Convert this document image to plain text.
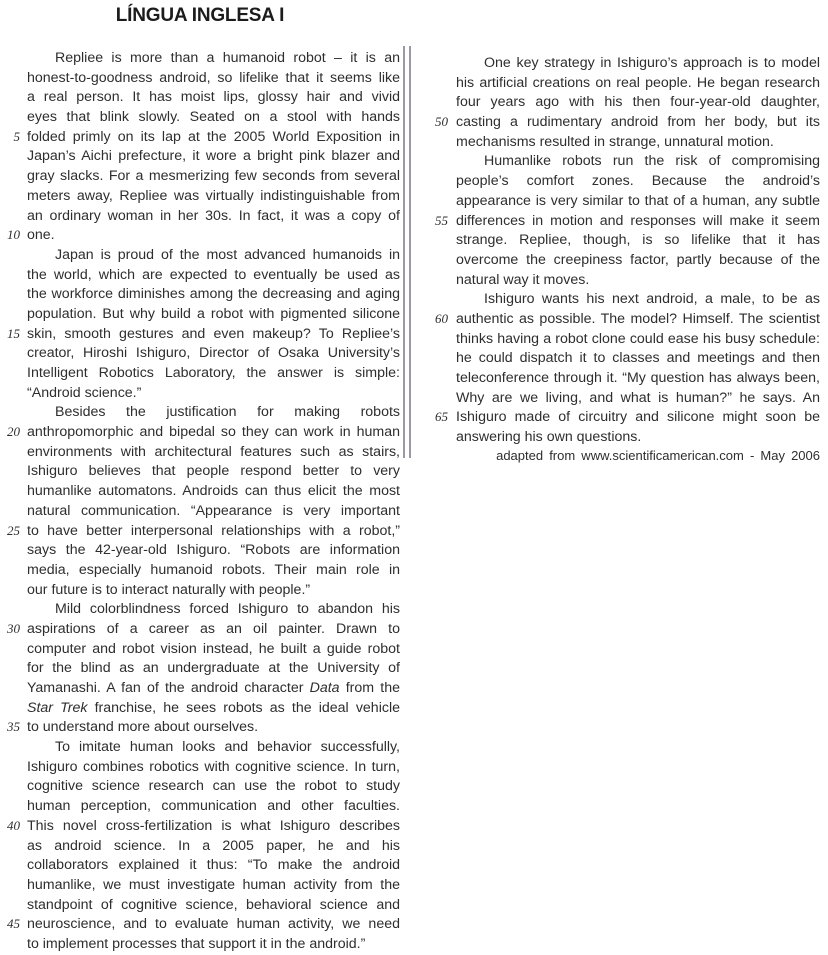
LÍNGUA INGLESA I
Repliee is more than a humanoid robot – it is an
honest-to-goodness android, so lifelike that it seems like
a real person. It has moist lips, glossy hair and vivid
eyes that blink slowly. Seated on a stool with hands
5 folded primly on its lap at the 2005 World Exposition in
Japan’s Aichi prefecture, it wore a bright pink blazer and
gray slacks. For a mesmerizing few seconds from several
meters away, Repliee was virtually indistinguishable from
an ordinary woman in her 30s. In fact, it was a copy of
10 one.
Japan is proud of the most advanced humanoids in
the world, which are expected to eventually be used as
the workforce diminishes among the decreasing and aging
population. But why build a robot with pigmented silicone
15 skin, smooth gestures and even makeup? To Repliee’s
creator, Hiroshi Ishiguro, Director of Osaka University’s
Intelligent Robotics Laboratory, the answer is simple:
“Android science.”
Besides the justification for making robots
20 anthropomorphic and bipedal so they can work in human
environments with architectural features such as stairs,
Ishiguro believes that people respond better to very
humanlike automatons. Androids can thus elicit the most
natural communication. “Appearance is very important
25 to have better interpersonal relationships with a robot,”
says the 42-year-old Ishiguro. “Robots are information
media, especially humanoid robots. Their main role in
our future is to interact naturally with people.”
Mild colorblindness forced Ishiguro to abandon his
30 aspirations of a career as an oil painter. Drawn to
computer and robot vision instead, he built a guide robot
for the blind as an undergraduate at the University of
Yamanashi. A fan of the android character Data from the
Star Trek franchise, he sees robots as the ideal vehicle
35 to understand more about ourselves.
To imitate human looks and behavior successfully,
Ishiguro combines robotics with cognitive science. In turn,
cognitive science research can use the robot to study
human perception, communication and other faculties.
40 This novel cross-fertilization is what Ishiguro describes
as android science. In a 2005 paper, he and his
collaborators explained it thus: “To make the android
humanlike, we must investigate human activity from the
standpoint of cognitive science, behavioral science and
45 neuroscience, and to evaluate human activity, we need
to implement processes that support it in the android.”
One key strategy in Ishiguro’s approach is to model
his artificial creations on real people. He began research
four years ago with his then four-year-old daughter,
50 casting a rudimentary android from her body, but its
mechanisms resulted in strange, unnatural motion.
Humanlike robots run the risk of compromising
people’s comfort zones. Because the android’s
appearance is very similar to that of a human, any subtle
55 differences in motion and responses will make it seem
strange. Repliee, though, is so lifelike that it has
overcome the creepiness factor, partly because of the
natural way it moves.
Ishiguro wants his next android, a male, to be as
60 authentic as possible. The model? Himself. The scientist
thinks having a robot clone could ease his busy schedule:
he could dispatch it to classes and meetings and then
teleconference through it. “My question has always been,
Why are we living, and what is human?” he says. An
65 Ishiguro made of circuitry and silicone might soon be
answering his own questions.
adapted from www.scientificamerican.com - May 2006
